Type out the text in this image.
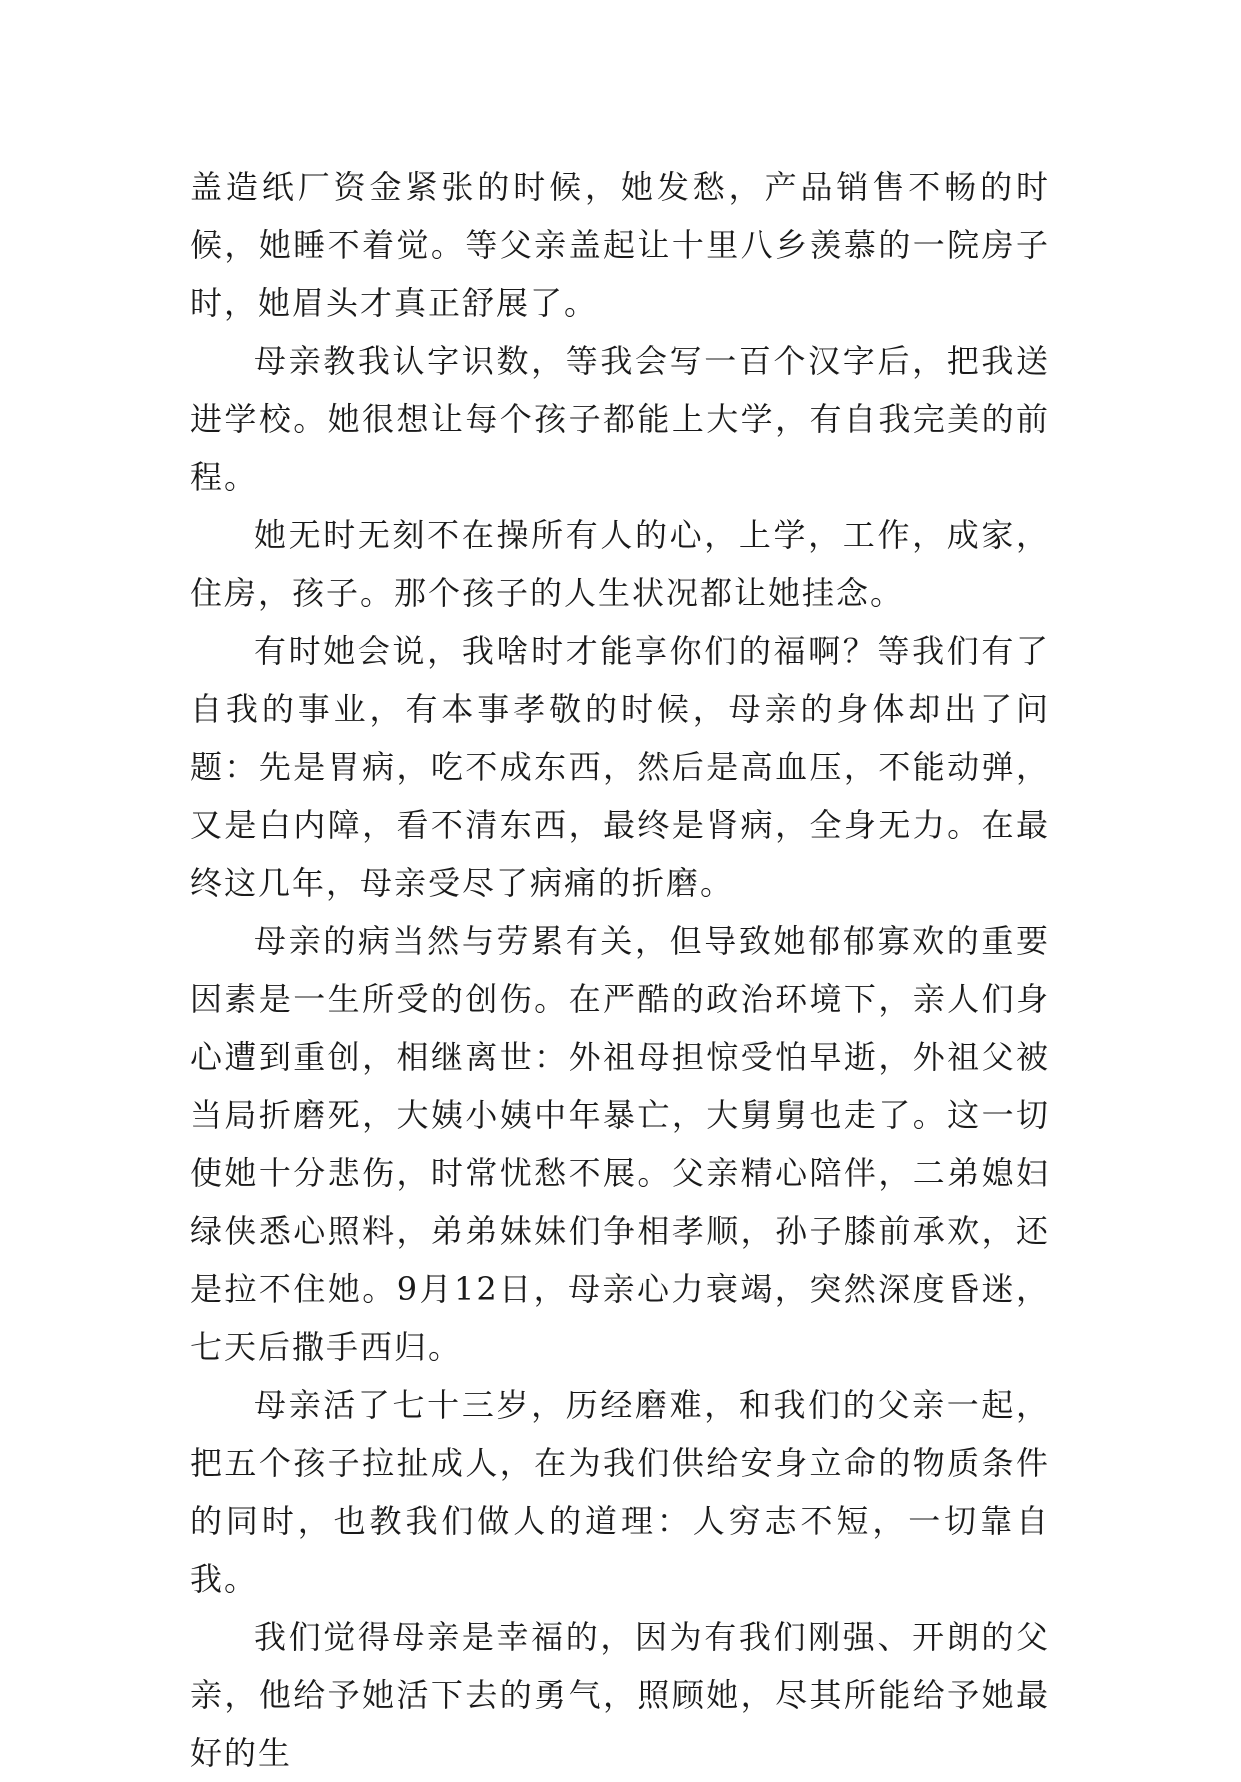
盖造纸厂资金紧张的时候，她发愁，产品销售不畅的时候，她睡不着觉。等父亲盖起让十里八乡羡慕的一院房子时，她眉头才真正舒展了。

母亲教我认字识数，等我会写一百个汉字后，把我送进学校。她很想让每个孩子都能上大学，有自我完美的前程。

她无时无刻不在操所有人的心，上学，工作，成家，住房，孩子。那个孩子的人生状况都让她挂念。

有时她会说，我啥时才能享你们的福啊？等我们有了自我的事业，有本事孝敬的时候，母亲的身体却出了问题：先是胃病，吃不成东西，然后是高血压，不能动弹，又是白内障，看不清东西，最终是肾病，全身无力。在最终这几年，母亲受尽了病痛的折磨。

母亲的病当然与劳累有关，但导致她郁郁寡欢的重要因素是一生所受的创伤。在严酷的政治环境下，亲人们身心遭到重创，相继离世：外祖母担惊受怕早逝，外祖父被当局折磨死，大姨小姨中年暴亡，大舅舅也走了。这一切使她十分悲伤，时常忧愁不展。父亲精心陪伴，二弟媳妇绿侠悉心照料，弟弟妹妹们争相孝顺，孙子膝前承欢，还是拉不住她。9月12日，母亲心力衰竭，突然深度昏迷，七天后撒手西归。

母亲活了七十三岁，历经磨难，和我们的父亲一起，把五个孩子拉扯成人，在为我们供给安身立命的物质条件的同时，也教我们做人的道理：人穷志不短，一切靠自我。

我们觉得母亲是幸福的，因为有我们刚强、开朗的父亲，他给予她活下去的勇气，照顾她，尽其所能给予她最好的生
